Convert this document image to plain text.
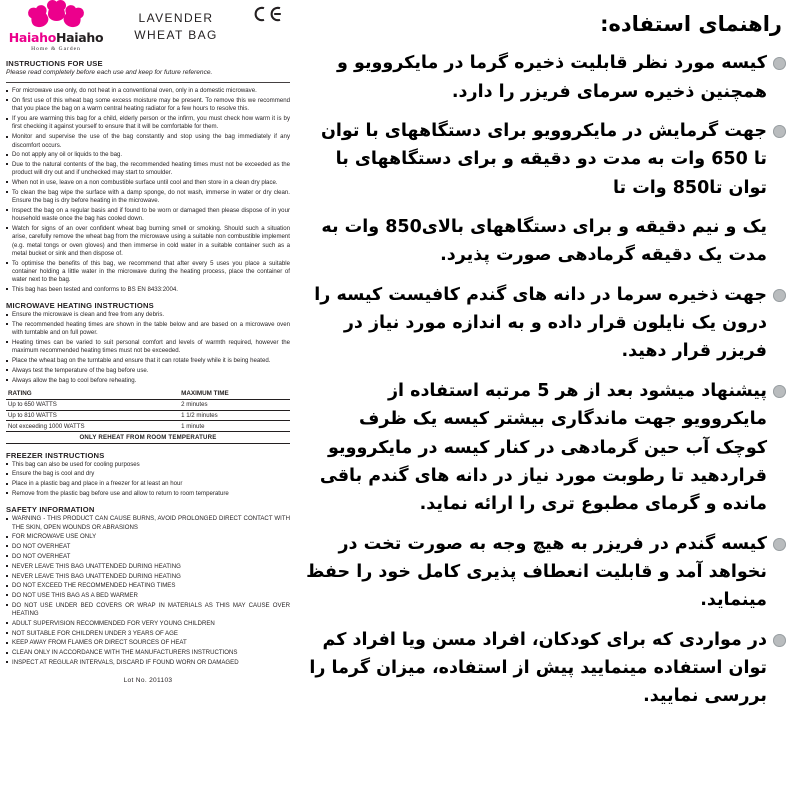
HaiahoHaiaho
Home & Garden
LAVENDER WHEAT BAG
INSTRUCTIONS FOR USE

Please read completely before each use and keep for future reference.

For microwave use only, do not heat in a conventional oven, only in a domestic microwave.
On first use of this wheat bag some excess moisture may be present. To remove this we recommend that you place the bag on a warm central heating radiator for a few hours to resolve this.
If you are warming this bag for a child, elderly person or the infirm, you must check how warm it is by first checking it against yourself to ensure that it will be comfortable for them.
Monitor and supervise the use of the bag constantly and stop using the bag immediately if any discomfort occurs.
Do not apply any oil or liquids to the bag.
Due to the natural contents of the bag, the recommended heating times must not be exceeded as the product will dry out and if unchecked may start to smoulder.
When not in use, leave on a non combustible surface until cool and then store in a clean dry place.
To clean the bag wipe the surface with a damp sponge, do not wash, immerse in water or dry clean. Ensure the bag is dry before heating in the microwave.
Inspect the bag on a regular basis and if found to be worn or damaged then please dispose of in your household waste once the bag has cooled down.
Watch for signs of an over confident wheat bag burning smell or smoking. Should such a situation arise, carefully remove the wheat bag from the microwave using a suitable non combustible implement (e.g. metal tongs or oven gloves) and then immerse in cold water in a suitable container such as a metal bucket or sink and then dispose of.
To optimise the benefits of this bag, we recommend that after every 5 uses you place a suitable container holding a little water in the microwave during the heating process, place the container of water next to the bag.
This bag has been tested and conforms to BS EN 8433:2004.
MICROWAVE HEATING INSTRUCTIONS
Ensure the microwave is clean and free from any debris.
The recommended heating times are shown in the table below and are based on a microwave oven with turntable and on full power.
Heating times can be varied to suit personal comfort and levels of warmth required, however the maximum recommended heating times must not be exceeded.
Place the wheat bag on the turntable and ensure that it can rotate freely while it is being heated.
Always test the temperature of the bag before use.
Always allow the bag to cool before reheating.
RATING	MAXIMUM TIME
Up to 650 WATTS	2 minutes
Up to 810 WATTS	1 1/2 minutes
Not exceeding 1000 WATTS	1 minute
ONLY REHEAT FROM ROOM TEMPERATURE
FREEZER INSTRUCTIONS
This bag can also be used for cooling purposes
Ensure the bag is cool and dry
Place in a plastic bag and place in a freezer for at least an hour
Remove from the plastic bag before use and allow to return to room temperature
SAFETY INFORMATION
WARNING - THIS PRODUCT CAN CAUSE BURNS, AVOID PROLONGED DIRECT CONTACT WITH THE SKIN, OPEN WOUNDS OR ABRASIONS
FOR MICROWAVE USE ONLY
DO NOT OVERHEAT
DO NOT OVERHEAT
NEVER LEAVE THIS BAG UNATTENDED DURING HEATING
NEVER LEAVE THIS BAG UNATTENDED DURING HEATING
DO NOT EXCEED THE RECOMMENDED HEATING TIMES
DO NOT USE THIS BAG AS A BED WARMER
DO NOT USE UNDER BED COVERS OR WRAP IN MATERIALS AS THIS MAY CAUSE OVER HEATING
ADULT SUPERVISION RECOMMENDED FOR VERY YOUNG CHILDREN
NOT SUITABLE FOR CHILDREN UNDER 3 YEARS OF AGE
KEEP AWAY FROM FLAMES OR DIRECT SOURCES OF HEAT
CLEAN ONLY IN ACCORDANCE WITH THE MANUFACTURERS INSTRUCTIONS
INSPECT AT REGULAR INTERVALS, DISCARD IF FOUND WORN OR DAMAGED
Lot No. 201103
راهنمای استفاده:
کیسه مورد نظر قابلیت ذخیره گرما در مایکروویو و همچنین ذخیره سرمای فریزر را دارد.
جهت گرمایش در مایکروویو برای دستگاههای با توان تا 650 وات به مدت دو دقیقه و برای دستگاههای با توان تا850 وات تا
یک و نیم دقیقه و برای دستگاههای بالای850 وات به مدت یک دقیقه گرمادهی صورت پذیرد.
جهت ذخیره سرما در دانه های گندم کافیست کیسه را درون یک نایلون قرار داده و به اندازه مورد نیاز در فریزر قرار دهید.
پیشنهاد میشود بعد از هر 5 مرتبه استفاده از مایکروویو جهت ماندگاری بیشتر کیسه یک ظرف کوچک آب حین گرمادهی در کنار کیسه در مایکروویو قراردهید تا رطوبت مورد نیاز در دانه های گندم باقی مانده و گرمای مطبوع تری را ارائه نماید.
کیسه گندم در فریزر به هیچ وجه به صورت تخت در نخواهد آمد و قابلیت انعطاف پذیری کامل خود را حفظ مینماید.
در مواردی که برای کودکان، افراد مسن ویا افراد کم توان استفاده مینمایید پیش از استفاده، میزان گرما را بررسی نمایید.
